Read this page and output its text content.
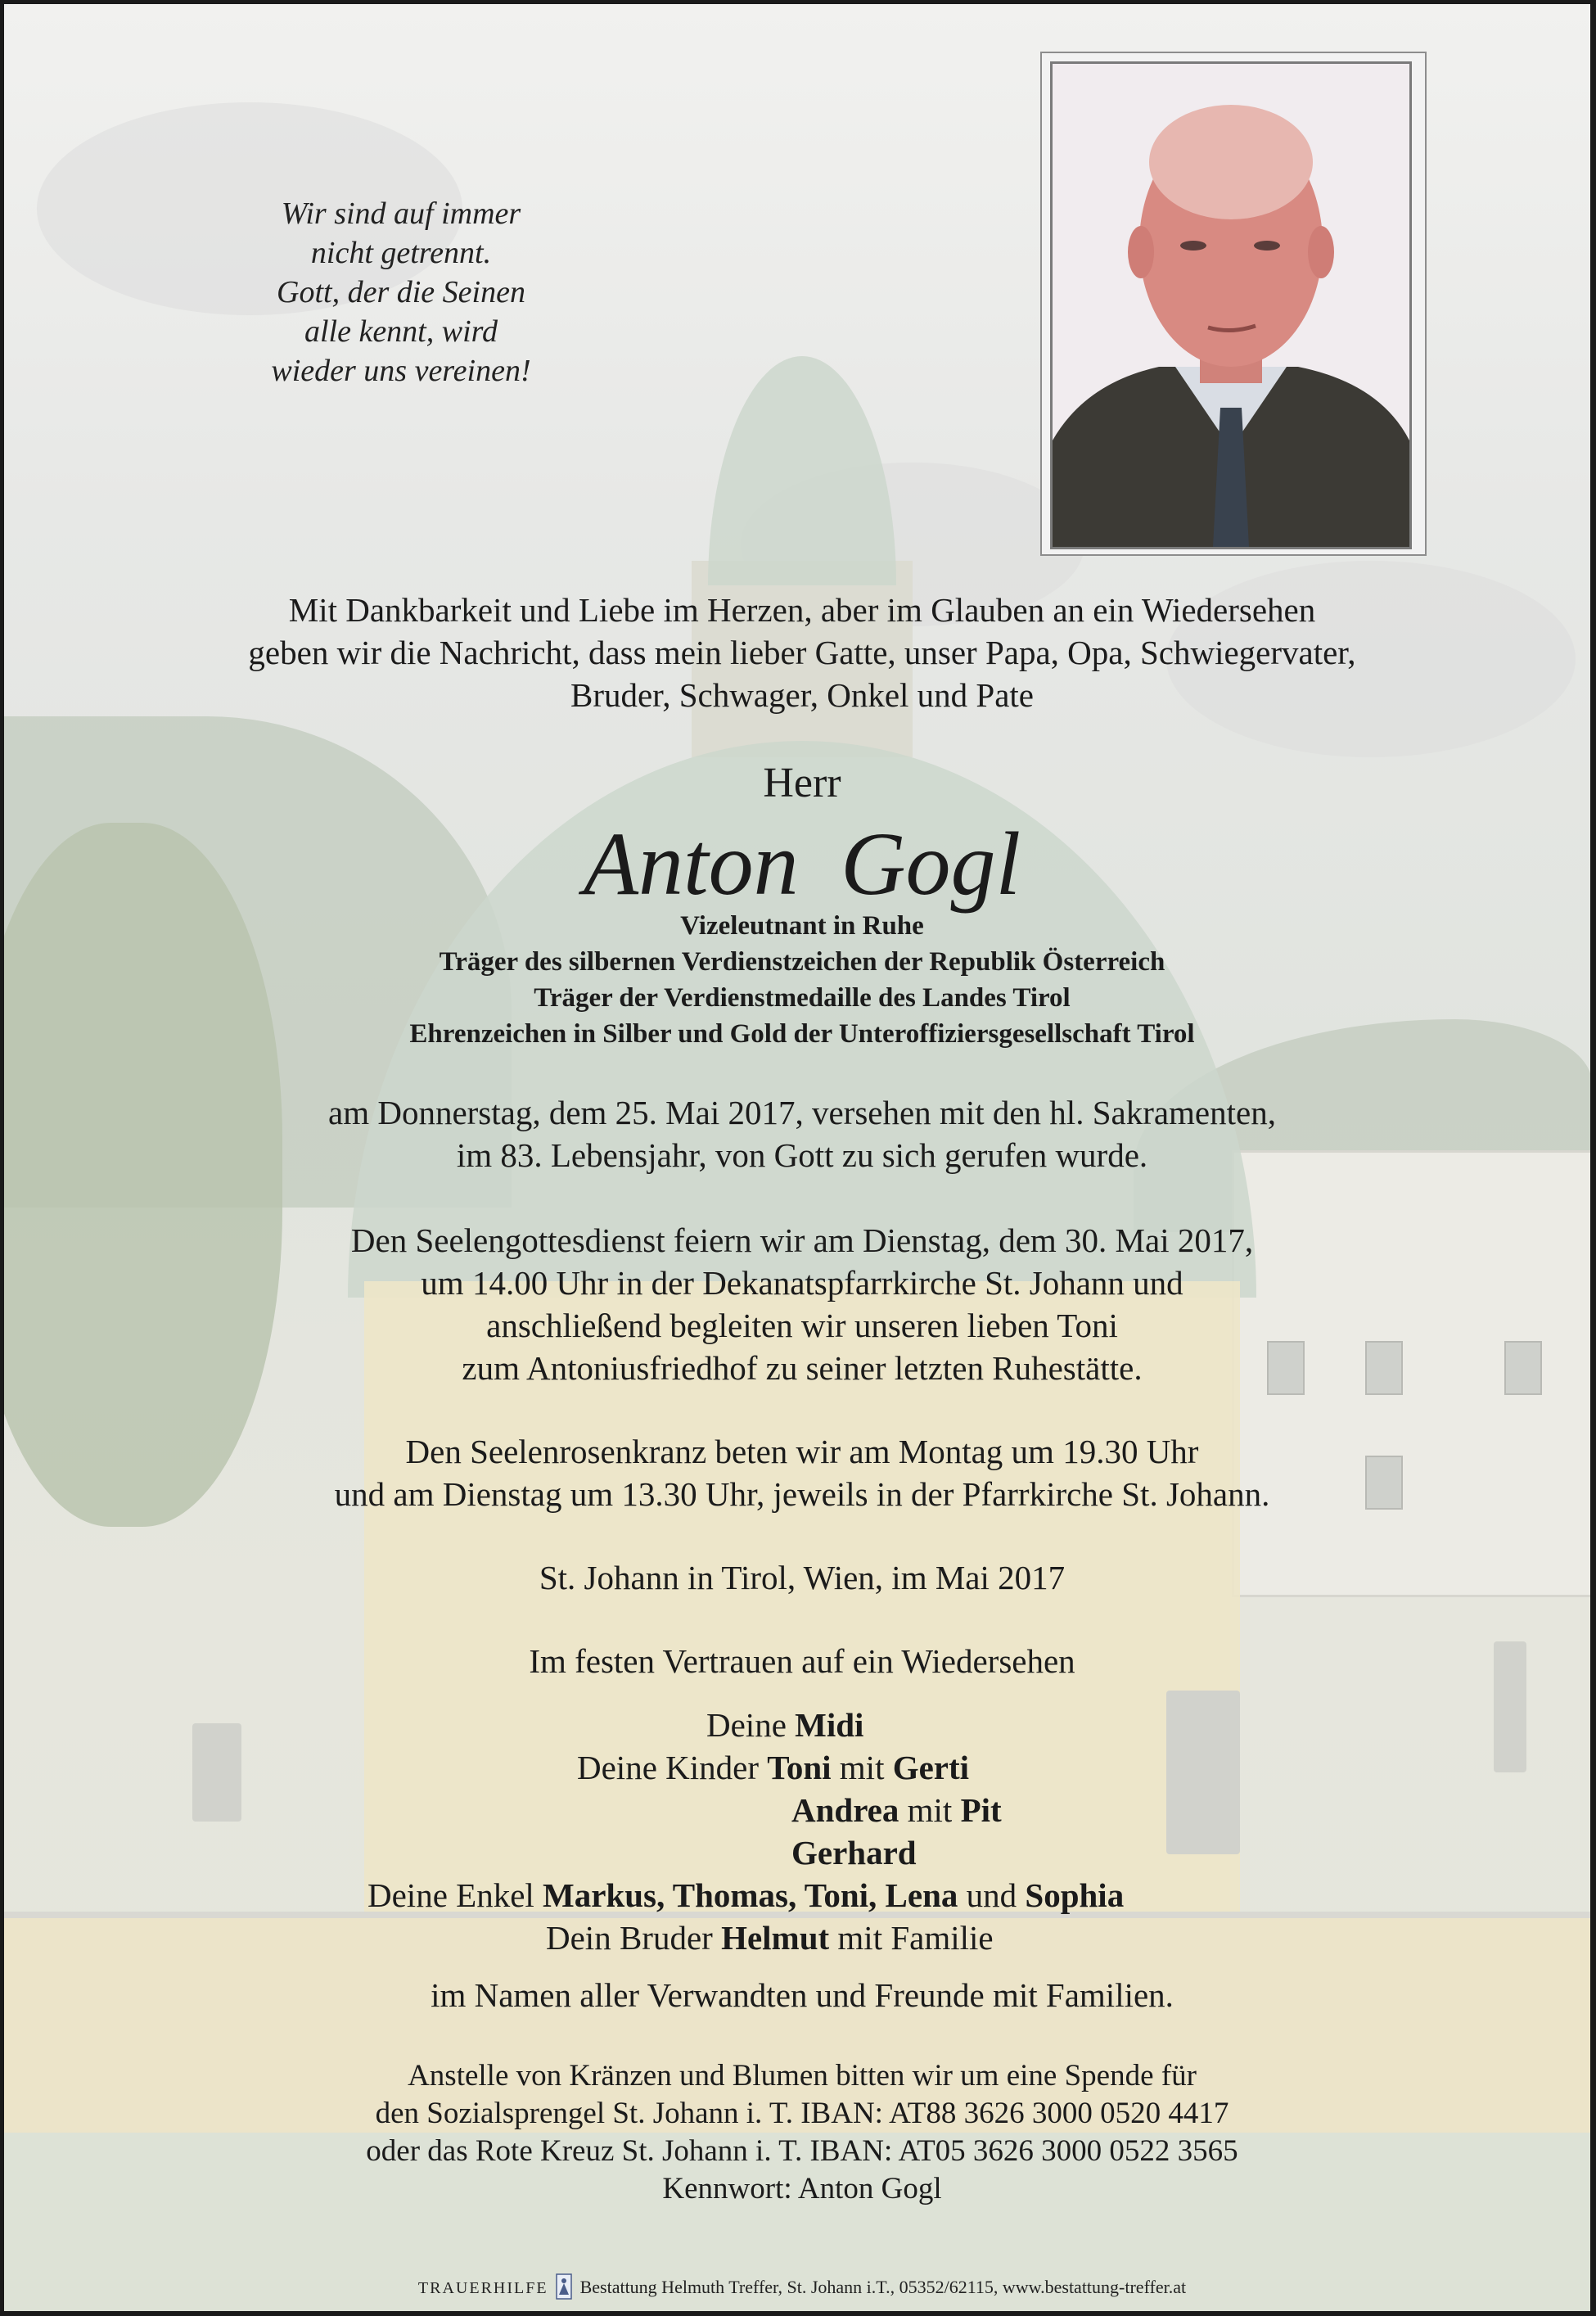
Wir sind auf immer
nicht getrennt.
Gott, der die Seinen
alle kennt, wird
wieder uns vereinen!
Mit Dankbarkeit und Liebe im Herzen, aber im Glauben an ein Wiedersehen
geben wir die Nachricht, dass mein lieber Gatte, unser Papa, Opa, Schwiegervater,
Bruder, Schwager, Onkel und Pate
Herr
Anton Gogl
Vizeleutnant in Ruhe
Träger des silbernen Verdienstzeichen der Republik Österreich
Träger der Verdienstmedaille des Landes Tirol
Ehrenzeichen in Silber und Gold der Unteroffiziersgesellschaft Tirol
am Donnerstag, dem 25. Mai 2017, versehen mit den hl. Sakramenten,
im 83. Lebensjahr, von Gott zu sich gerufen wurde.
Den Seelengottesdienst feiern wir am Dienstag, dem 30. Mai 2017,
um 14.00 Uhr in der Dekanatspfarrkirche St. Johann und
anschließend begleiten wir unseren lieben Toni
zum Antoniusfriedhof zu seiner letzten Ruhestätte.
Den Seelenrosenkranz beten wir am Montag um 19.30 Uhr
und am Dienstag um 13.30 Uhr, jeweils in der Pfarrkirche St. Johann.
St. Johann in Tirol, Wien, im Mai 2017
Im festen Vertrauen auf ein Wiedersehen
Deine Midi
Deine Kinder Toni mit Gerti
Andrea mit Pit
Gerhard
Deine Enkel Markus, Thomas, Toni, Lena und Sophia
Dein Bruder Helmut mit Familie
im Namen aller Verwandten und Freunde mit Familien.
Anstelle von Kränzen und Blumen bitten wir um eine Spende für
den Sozialsprengel St. Johann i. T. IBAN: AT88 3626 3000 0520 4417
oder das Rote Kreuz St. Johann i. T. IBAN: AT05 3626 3000 0522 3565
Kennwort: Anton Gogl
TRAUERHILFE Bestattung Helmuth Treffer, St. Johann i.T., 05352/62115, www.bestattung-treffer.at
